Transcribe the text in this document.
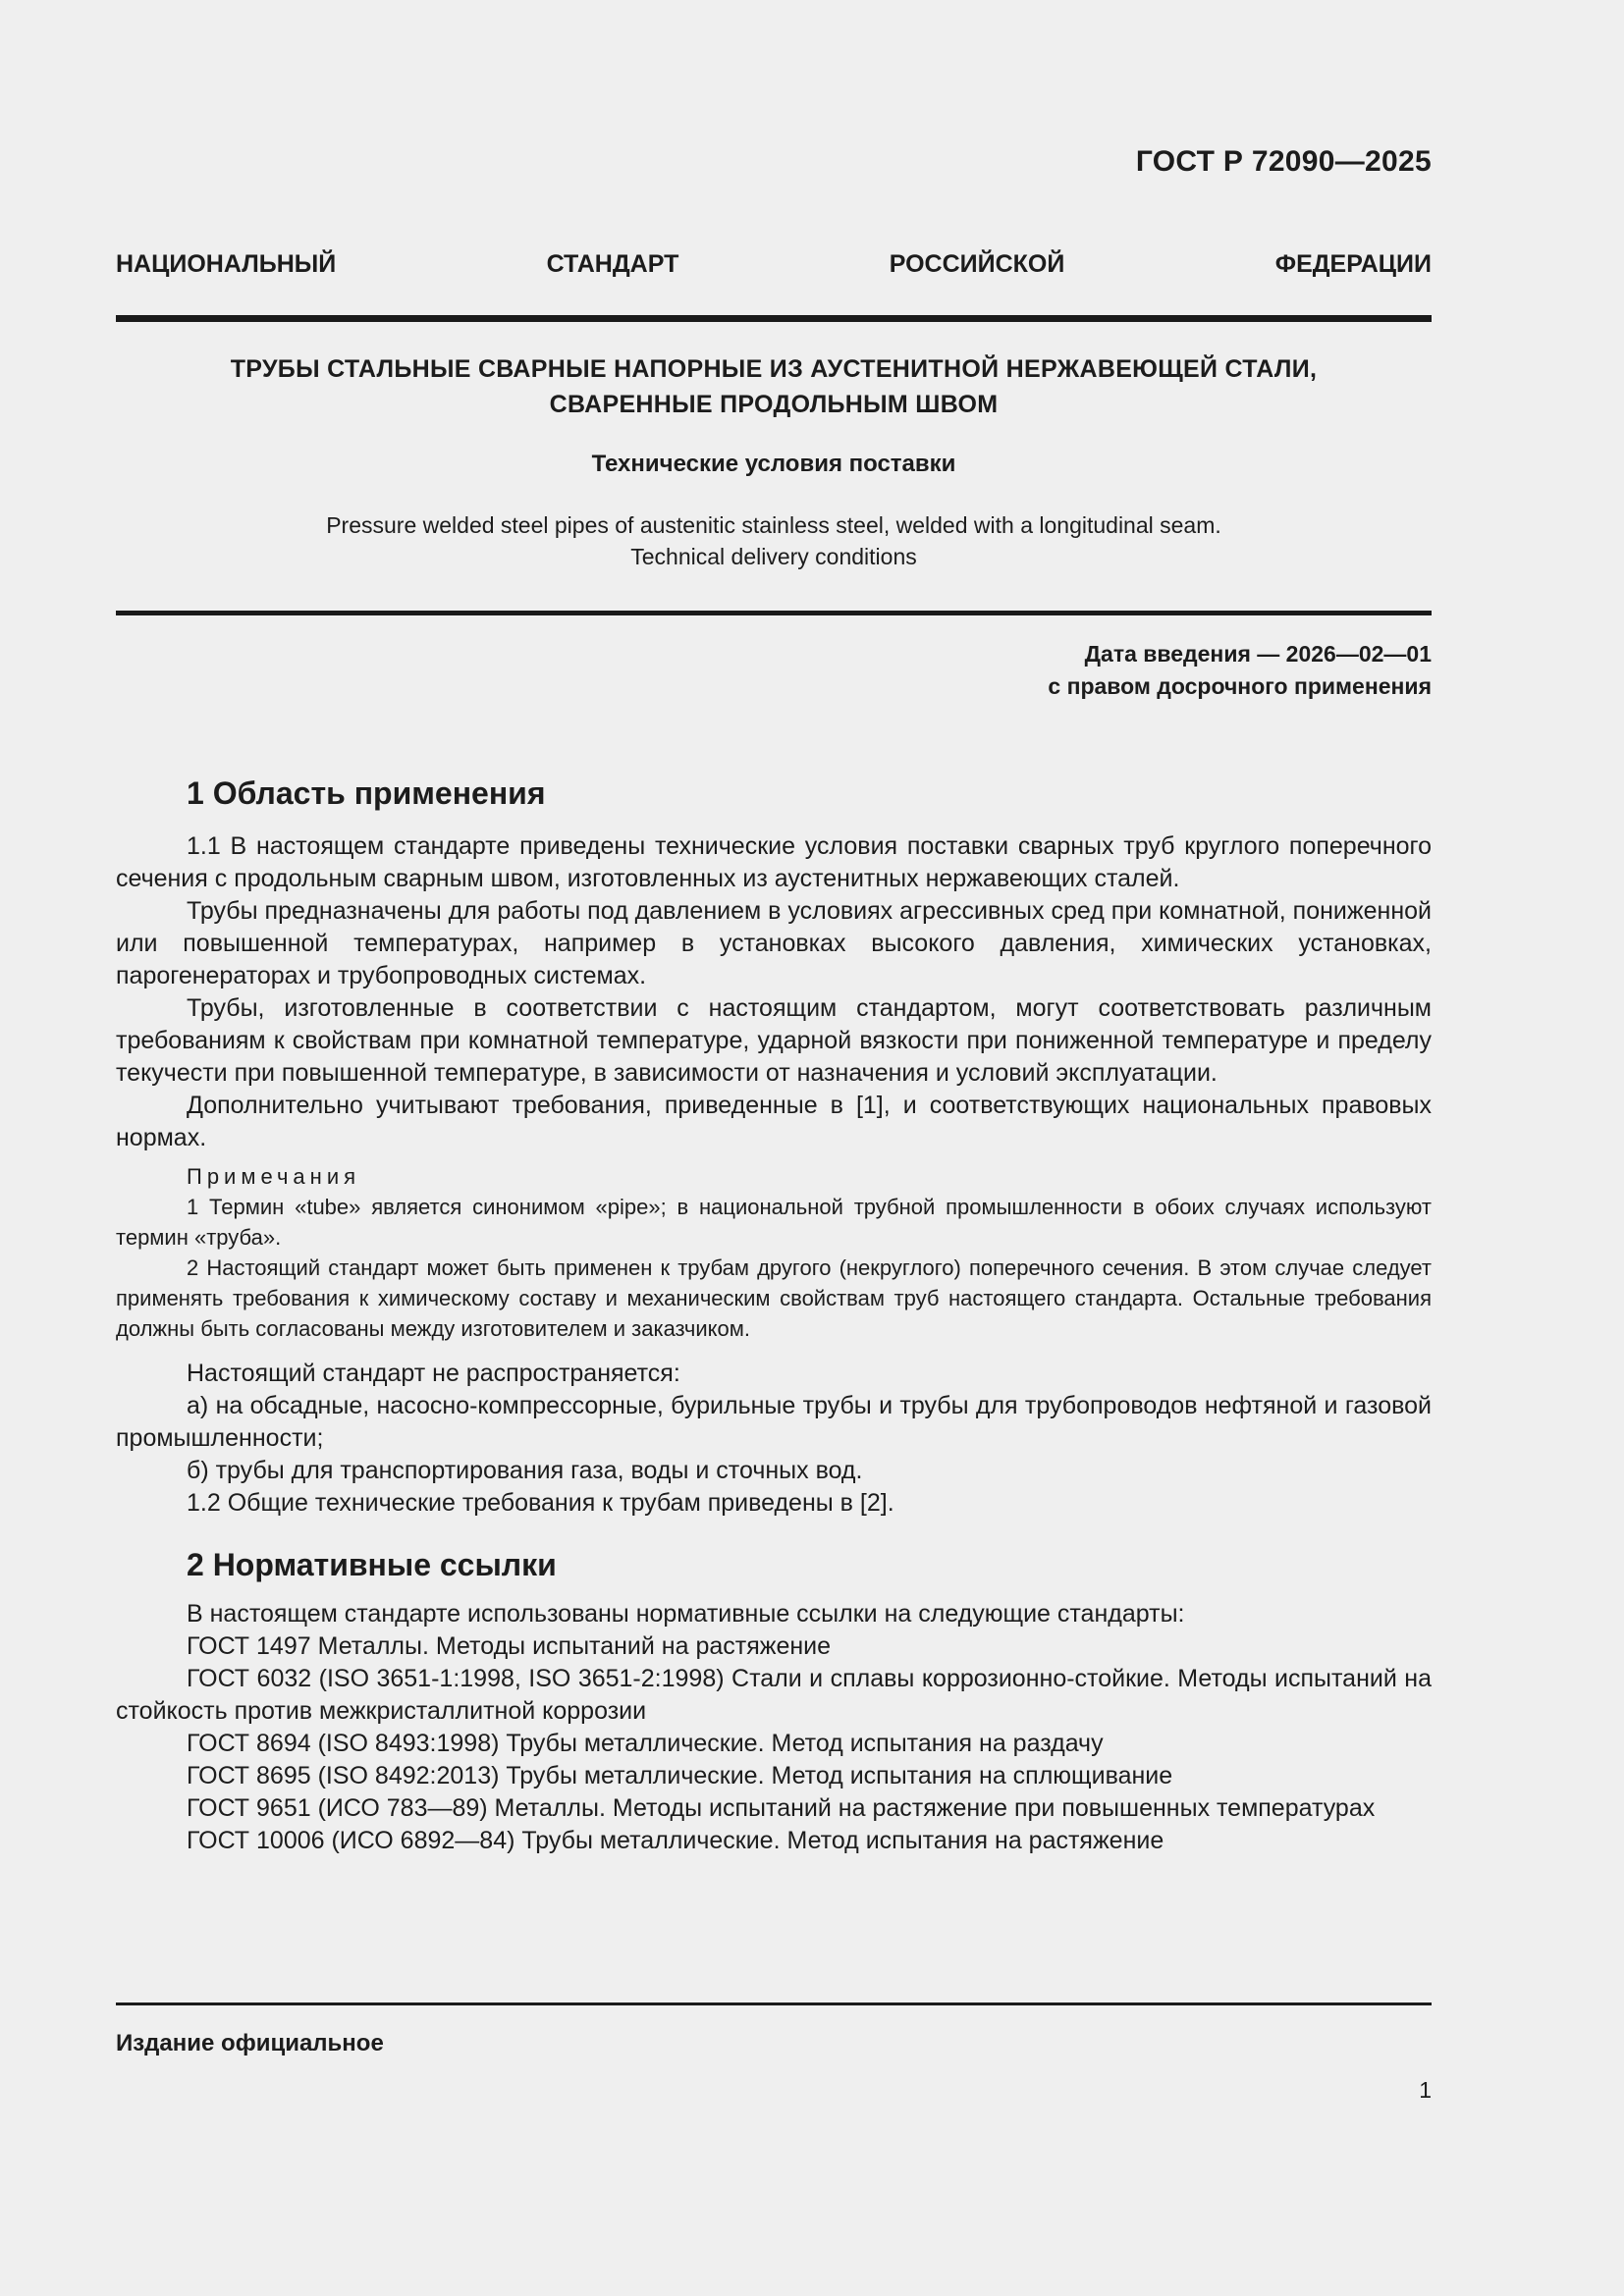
ГОСТ Р 72090—2025
НАЦИОНАЛЬНЫЙ	СТАНДАРТ	РОССИЙСКОЙ	ФЕДЕРАЦИИ
ТРУБЫ СТАЛЬНЫЕ СВАРНЫЕ НАПОРНЫЕ ИЗ АУСТЕНИТНОЙ НЕРЖАВЕЮЩЕЙ СТАЛИ,
СВАРЕННЫЕ ПРОДОЛЬНЫМ ШВОМ
Технические условия поставки
Pressure welded steel pipes of austenitic stainless steel, welded with a longitudinal seam.
Technical delivery conditions
Дата введения — 2026—02—01
с правом досрочного применения
1 Область применения

1.1 В настоящем стандарте приведены технические условия поставки сварных труб круглого поперечного сечения с продольным сварным швом, изготовленных из аустенитных нержавеющих сталей.

Трубы предназначены для работы под давлением в условиях агрессивных сред при комнатной, пониженной или повышенной температурах, например в установках высокого давления, химических установках, парогенераторах и трубопроводных системах.

Трубы, изготовленные в соответствии с настоящим стандартом, могут соответствовать различным требованиям к свойствам при комнатной температуре, ударной вязкости при пониженной температуре и пределу текучести при повышенной температуре, в зависимости от назначения и условий эксплуатации.

Дополнительно учитывают требования, приведенные в [1], и соответствующих национальных правовых нормах.

Примечания

1 Термин «tube» является синонимом «pipe»; в национальной трубной промышленности в обоих случаях используют термин «труба».

2 Настоящий стандарт может быть применен к трубам другого (некруглого) поперечного сечения. В этом случае следует применять требования к химическому составу и механическим свойствам труб настоящего стандарта. Остальные требования должны быть согласованы между изготовителем и заказчиком.

Настоящий стандарт не распространяется:

а) на обсадные, насосно-компрессорные, бурильные трубы и трубы для трубопроводов нефтяной и газовой промышленности;

б) трубы для транспортирования газа, воды и сточных вод.

1.2 Общие технические требования к трубам приведены в [2].

2 Нормативные ссылки

В настоящем стандарте использованы нормативные ссылки на следующие стандарты:

ГОСТ 1497 Металлы. Методы испытаний на растяжение

ГОСТ 6032 (ISO 3651-1:1998, ISO 3651-2:1998) Стали и сплавы коррозионно-стойкие. Методы испытаний на стойкость против межкристаллитной коррозии

ГОСТ 8694 (ISO 8493:1998) Трубы металлические. Метод испытания на раздачу

ГОСТ 8695 (ISO 8492:2013) Трубы металлические. Метод испытания на сплющивание

ГОСТ 9651 (ИСО 783—89) Металлы. Методы испытаний на растяжение при повышенных температурах

ГОСТ 10006 (ИСО 6892—84) Трубы металлические. Метод испытания на растяжение

Издание официальное
1
